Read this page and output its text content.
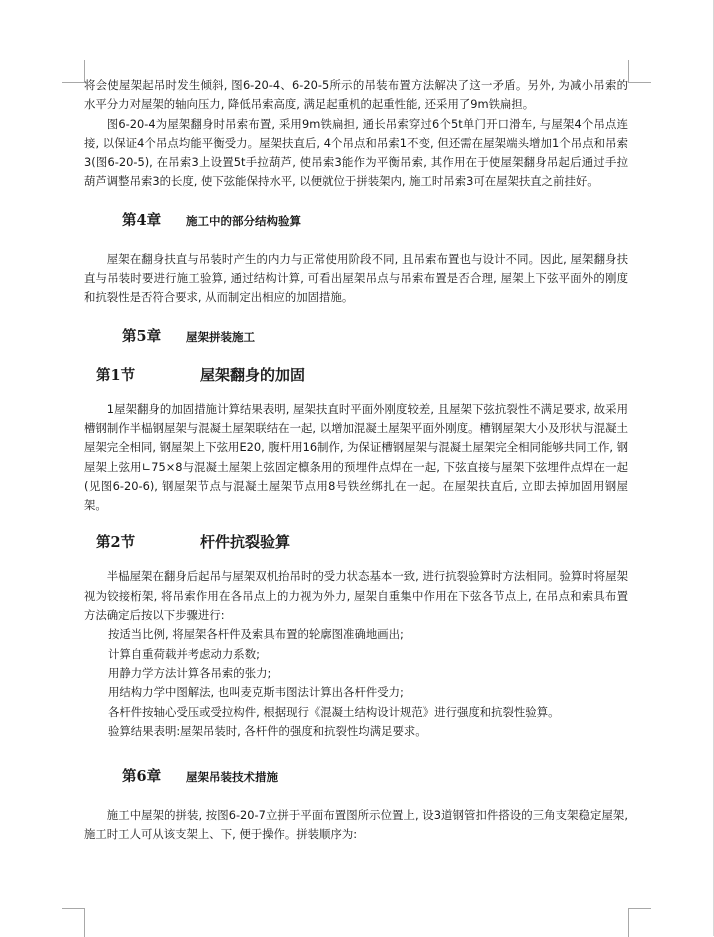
将会使屋架起吊时发生倾斜, 图6-20-4、6-20-5所示的吊装布置方法解决了这一矛盾。另外, 为减小吊索的水平分力对屋架的轴向压力, 降低吊索高度, 满足起重机的起重性能, 还采用了9m铁扁担。

图6-20-4为屋架翻身时吊索布置, 采用9m铁扁担, 通长吊索穿过6个5t单门开口滑车, 与屋架4个吊点连接, 以保证4个吊点均能平衡受力。屋架扶直后, 4个吊点和吊索1不变, 但还需在屋架端头增加1个吊点和吊索3(图6-20-5), 在吊索3上设置5t手拉葫芦, 使吊索3能作为平衡吊索, 其作用在于使屋架翻身吊起后通过手拉葫芦调整吊索3的长度, 使下弦能保持水平, 以便就位于拼装架内, 施工时吊索3可在屋架扶直之前挂好。

第4章 施工中的部分结构验算

屋架在翻身扶直与吊装时产生的内力与正常使用阶段不同, 且吊索布置也与设计不同。因此, 屋架翻身扶直与吊装时要进行施工验算, 通过结构计算, 可看出屋架吊点与吊索布置是否合理, 屋架上下弦平面外的刚度和抗裂性是否符合要求, 从而制定出相应的加固措施。

第5章 屋架拼装施工
第1节	屋架翻身的加固

1屋架翻身的加固措施计算结果表明, 屋架扶直时平面外刚度较差, 且屋架下弦抗裂性不满足要求, 故采用槽钢制作半榀钢屋架与混凝土屋架联结在一起, 以增加混凝土屋架平面外刚度。槽钢屋架大小及形状与混凝土屋架完全相同, 钢屋架上下弦用E20, 腹杆用16制作, 为保证槽钢屋架与混凝土屋架完全相同能够共同工作, 钢屋架上弦用∟75×8与混凝土屋架上弦固定檩条用的预埋件点焊在一起, 下弦直接与屋架下弦埋件点焊在一起(见图6-20-6), 钢屋架节点与混凝土屋架节点用8号铁丝绑扎在一起。在屋架扶直后, 立即去掉加固用钢屋架。

第2节	杆件抗裂验算

半榀屋架在翻身后起吊与屋架双机抬吊时的受力状态基本一致, 进行抗裂验算时方法相同。验算时将屋架视为铰接桁架, 将吊索作用在各吊点上的力视为外力, 屋架自重集中作用在下弦各节点上, 在吊点和索具布置方法确定后按以下步骤进行:

按适当比例, 将屋架各杆件及索具布置的轮廓图准确地画出;

计算自重荷载并考虑动力系数;

用静力学方法计算各吊索的张力;

用结构力学中图解法, 也叫麦克斯韦图法计算出各杆件受力;

各杆件按轴心受压或受拉构件, 根据现行《混凝土结构设计规范》进行强度和抗裂性验算。

验算结果表明:屋架吊装时, 各杆件的强度和抗裂性均满足要求。

第6章 屋架吊装技术措施

施工中屋架的拼装, 按图6-20-7立拼于平面布置图所示位置上, 设3道钢管扣件搭设的三角支架稳定屋架, 施工时工人可从该支架上、下, 便于操作。拼装顺序为:
